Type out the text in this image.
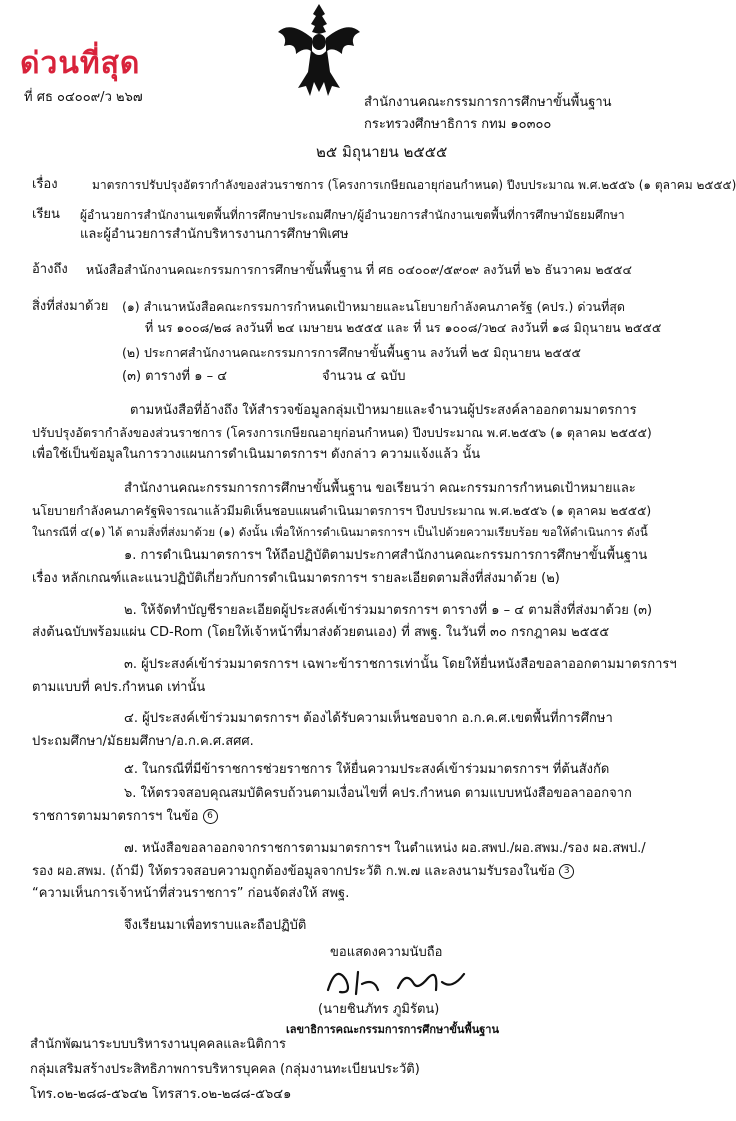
ด่วนที่สุด
ที่ ศธ ๐๔๐๐๙/ว ๒๖๗	สำนักงานคณะกรรมการการศึกษาขั้นพื้นฐาน
กระทรวงศึกษาธิการ กทม ๑๐๓๐๐
๒๕ มิถุนายน ๒๕๕๕
เรื่อง	มาตรการปรับปรุงอัตรากำลังของส่วนราชการ (โครงการเกษียณอายุก่อนกำหนด) ปีงบประมาณ พ.ศ.๒๕๕๖ (๑ ตุลาคม ๒๕๕๕)
เรียน ผู้อำนวยการสำนักงานเขตพื้นที่การศึกษาประถมศึกษา/ผู้อำนวยการสำนักงานเขตพื้นที่การศึกษามัธยมศึกษา
และผู้อำนวยการสำนักบริหารงานการศึกษาพิเศษ
อ้างถึง หนังสือสำนักงานคณะกรรมการการศึกษาขั้นพื้นฐาน ที่ ศธ ๐๔๐๐๙/๕๙๐๙ ลงวันที่ ๒๖ ธันวาคม ๒๕๕๔
สิ่งที่ส่งมาด้วย (๑) สำเนาหนังสือคณะกรรมการกำหนดเป้าหมายและนโยบายกำลังคนภาครัฐ (คปร.) ด่วนที่สุด
ที่ นร ๑๐๐๘/๒๘ ลงวันที่ ๒๔ เมษายน ๒๕๕๕ และ ที่ นร ๑๐๐๘/ว๒๔ ลงวันที่ ๑๘ มิถุนายน ๒๕๕๕
(๒) ประกาศสำนักงานคณะกรรมการการศึกษาขั้นพื้นฐาน ลงวันที่ ๒๕ มิถุนายน ๒๕๕๕
(๓) ตารางที่ ๑ – ๔	จำนวน ๔ ฉบับ
ตามหนังสือที่อ้างถึง ให้สำรวจข้อมูลกลุ่มเป้าหมายและจำนวนผู้ประสงค์ลาออกตามมาตรการ
ปรับปรุงอัตรากำลังของส่วนราชการ (โครงการเกษียณอายุก่อนกำหนด) ปีงบประมาณ พ.ศ.๒๕๕๖ (๑ ตุลาคม ๒๕๕๕)
เพื่อใช้เป็นข้อมูลในการวางแผนการดำเนินมาตรการฯ ดังกล่าว ความแจ้งแล้ว นั้น
สำนักงานคณะกรรมการการศึกษาขั้นพื้นฐาน ขอเรียนว่า คณะกรรมการกำหนดเป้าหมายและ
นโยบายกำลังคนภาครัฐพิจารณาแล้วมีมติเห็นชอบแผนดำเนินมาตรการฯ ปีงบประมาณ พ.ศ.๒๕๕๖ (๑ ตุลาคม ๒๕๕๕)
ในกรณีที่ ๔(๑) ได้ ตามสิ่งที่ส่งมาด้วย (๑) ดังนั้น เพื่อให้การดำเนินมาตรการฯ เป็นไปด้วยความเรียบร้อย ขอให้ดำเนินการ ดังนี้
๑. การดำเนินมาตรการฯ ให้ถือปฏิบัติตามประกาศสำนักงานคณะกรรมการการศึกษาขั้นพื้นฐาน
เรื่อง หลักเกณฑ์และแนวปฏิบัติเกี่ยวกับการดำเนินมาตรการฯ รายละเอียดตามสิ่งที่ส่งมาด้วย (๒)
๒. ให้จัดทำบัญชีรายละเอียดผู้ประสงค์เข้าร่วมมาตรการฯ ตารางที่ ๑ – ๔ ตามสิ่งที่ส่งมาด้วย (๓)
ส่งต้นฉบับพร้อมแผ่น CD-Rom (โดยให้เจ้าหน้าที่มาส่งด้วยตนเอง) ที่ สพฐ. ในวันที่ ๓๐ กรกฎาคม ๒๕๕๕
๓. ผู้ประสงค์เข้าร่วมมาตรการฯ เฉพาะข้าราชการเท่านั้น โดยให้ยื่นหนังสือขอลาออกตามมาตรการฯ
ตามแบบที่ คปร.กำหนด เท่านั้น
๔. ผู้ประสงค์เข้าร่วมมาตรการฯ ต้องได้รับความเห็นชอบจาก อ.ก.ค.ศ.เขตพื้นที่การศึกษา
ประถมศึกษา/มัธยมศึกษา/อ.ก.ค.ศ.สศศ.
๕. ในกรณีที่มีข้าราชการช่วยราชการ ให้ยื่นความประสงค์เข้าร่วมมาตรการฯ ที่ต้นสังกัด
๖. ให้ตรวจสอบคุณสมบัติครบถ้วนตามเงื่อนไขที่ คปร.กำหนด ตามแบบหนังสือขอลาออกจาก
ราชการตามมาตรการฯ ในข้อ 6
๗. หนังสือขอลาออกจากราชการตามมาตรการฯ ในตำแหน่ง ผอ.สพป./ผอ.สพม./รอง ผอ.สพป./
รอง ผอ.สพม. (ถ้ามี) ให้ตรวจสอบความถูกต้องข้อมูลจากประวัติ ก.พ.๗ และลงนามรับรองในข้อ 3
“ความเห็นการเจ้าหน้าที่ส่วนราชการ” ก่อนจัดส่งให้ สพฐ.
จึงเรียนมาเพื่อทราบและถือปฏิบัติ
ขอแสดงความนับถือ
(นายชินภัทร ภูมิรัตน)
เลขาธิการคณะกรรมการการศึกษาขั้นพื้นฐาน
สำนักพัฒนาระบบบริหารงานบุคคลและนิติการ
กลุ่มเสริมสร้างประสิทธิภาพการบริหารบุคคล (กลุ่มงานทะเบียนประวัติ)
โทร.๐๒-๒๘๘-๕๖๔๒ โทรสาร.๐๒-๒๘๘-๕๖๔๑
